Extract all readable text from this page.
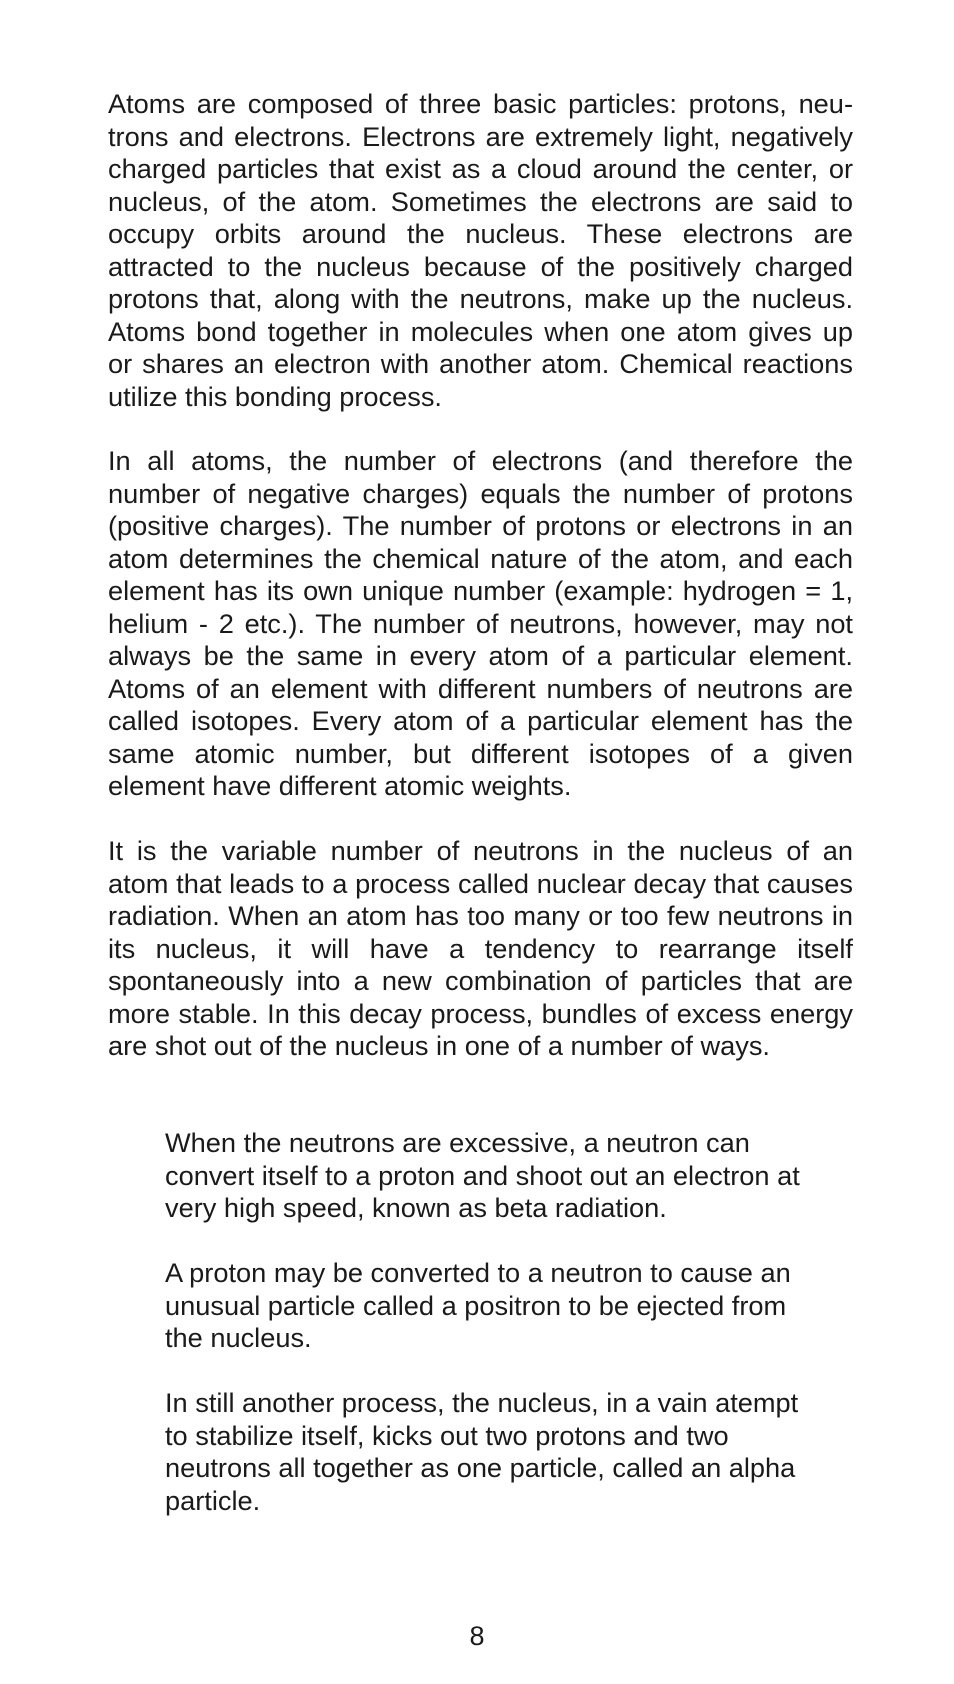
Atoms are composed of three basic particles: protons, neutrons and electrons. Electrons are extremely light, negatively charged particles that exist as a cloud around the center, or nucleus, of the atom. Sometimes the electrons are said to occupy orbits around the nucleus. These electrons are attracted to the nucleus because of the positively charged protons that, along with the neutrons, make up the nucleus. Atoms bond together in molecules when one atom gives up or shares an electron with another atom. Chemical reactions utilize this bonding process.

In all atoms, the number of electrons (and therefore the number of negative charges) equals the number of protons (positive charges). The number of protons or electrons in an atom determines the chemical nature of the atom, and each element has its own unique number (example: hydrogen = 1, helium - 2 etc.). The number of neutrons, however, may not always be the same in every atom of a particular element. Atoms of an element with different numbers of neutrons are called isotopes. Every atom of a particular element has the same atomic number, but different isotopes of a given element have different atomic weights.

It is the variable number of neutrons in the nucleus of an atom that leads to a process called nuclear decay that causes radiation. When an atom has too many or too few neutrons in its nucleus, it will have a tendency to rearrange itself spontaneously into a new combination of particles that are more stable. In this decay process, bundles of excess energy are shot out of the nucleus in one of a number of ways.

When the neutrons are excessive, a neutron can convert itself to a proton and shoot out an electron at very high speed, known as beta radiation.

A proton may be converted to a neutron to cause an unusual particle called a positron to be ejected from the nucleus.

In still another process, the nucleus, in a vain atempt to stabilize itself, kicks out two protons and two neutrons all together as one particle, called an alpha particle.

8
